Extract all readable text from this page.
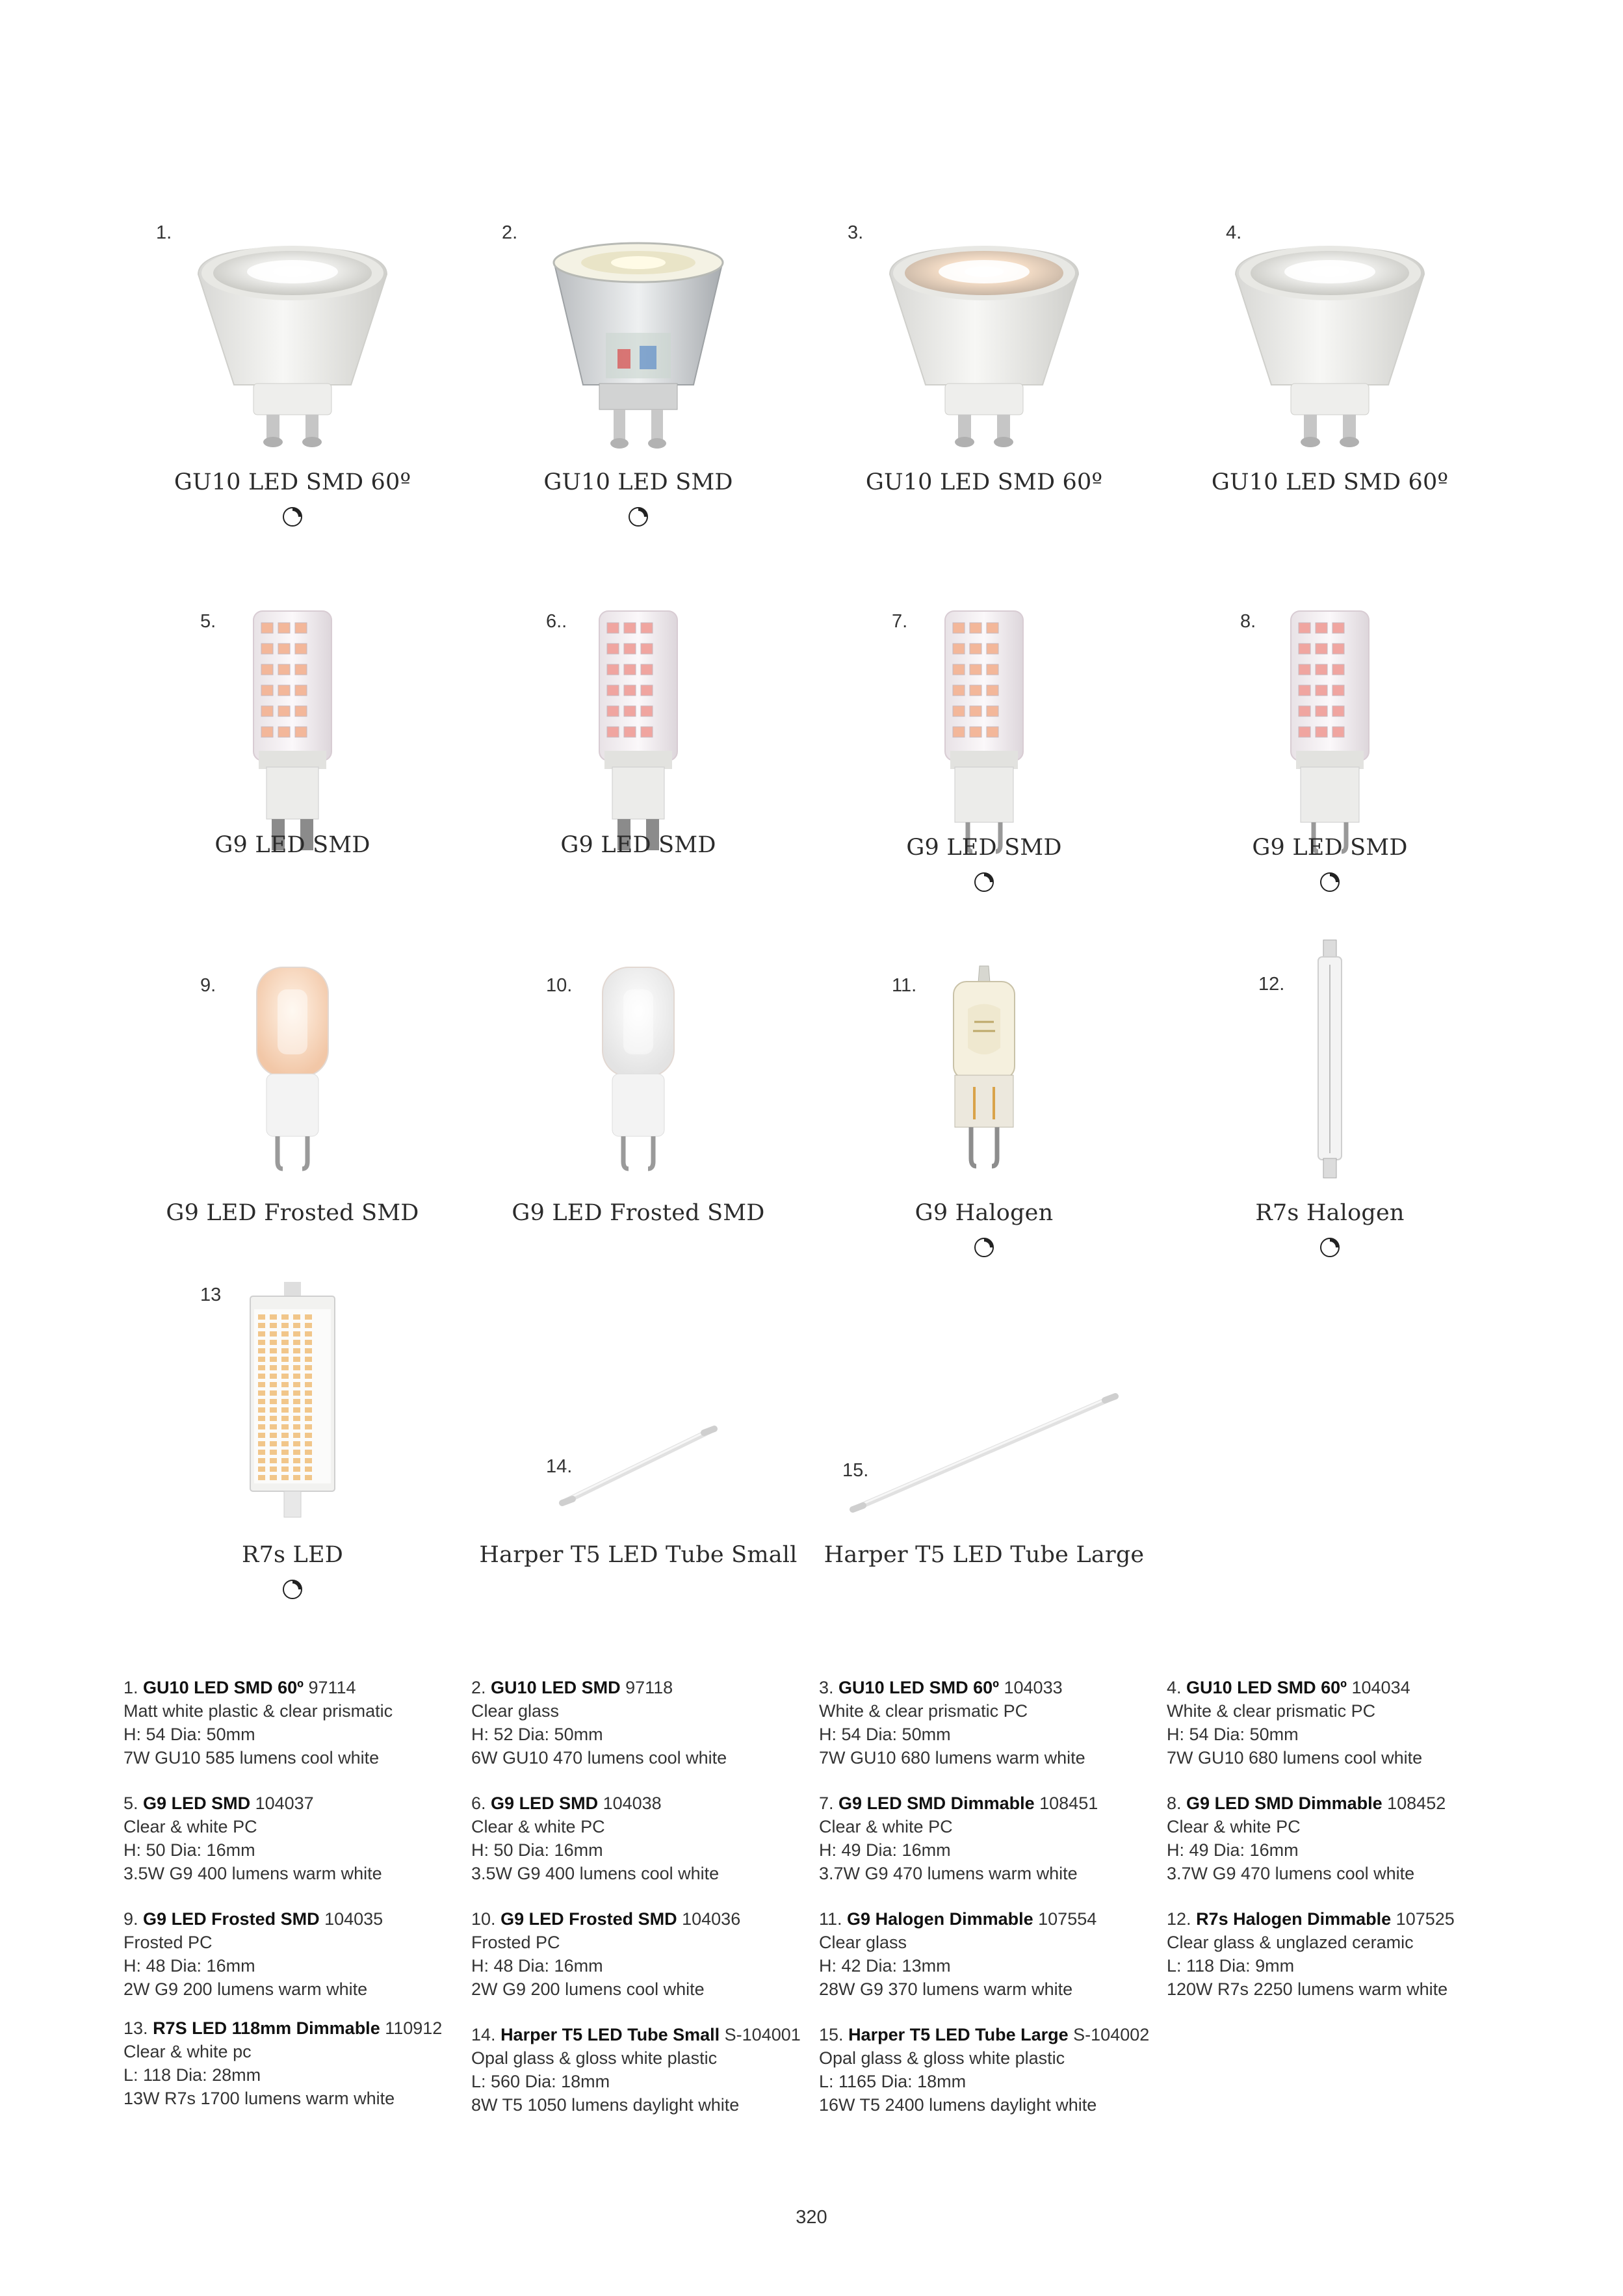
1.
GU10 LED SMD 60º
2.
GU10 LED SMD
3.
GU10 LED SMD 60º
4.
GU10 LED SMD 60º
5.
G9 LED SMD
6..
G9 LED SMD
7.
G9 LED SMD
8.
G9 LED SMD
9.
G9 LED Frosted SMD
10.
G9 LED Frosted SMD
11.
G9 Halogen
12.
R7s Halogen
13
R7s LED
14.
Harper T5 LED Tube Small
15.
Harper T5 LED Tube Large
1. GU10 LED SMD 60º 97114
Matt white plastic & clear prismatic
H: 54 Dia: 50mm
7W GU10 585 lumens cool white
2. GU10 LED SMD 97118
Clear glass
H: 52 Dia: 50mm
6W GU10 470 lumens cool white
3. GU10 LED SMD 60º 104033
White & clear prismatic PC
H: 54 Dia: 50mm
7W GU10 680 lumens warm white
4. GU10 LED SMD 60º 104034
White & clear prismatic PC
H: 54 Dia: 50mm
7W GU10 680 lumens cool white
5. G9 LED SMD 104037
Clear & white PC
H: 50 Dia: 16mm
3.5W G9 400 lumens warm white
6. G9 LED SMD 104038
Clear & white PC
H: 50 Dia: 16mm
3.5W G9 400 lumens cool white
7. G9 LED SMD Dimmable 108451
Clear & white PC
H: 49 Dia: 16mm
3.7W G9 470 lumens warm white
8. G9 LED SMD Dimmable 108452
Clear & white PC
H: 49 Dia: 16mm
3.7W G9 470 lumens cool white
9. G9 LED Frosted SMD 104035
Frosted PC
H: 48 Dia: 16mm
2W G9 200 lumens warm white
10. G9 LED Frosted SMD 104036
Frosted PC
H: 48 Dia: 16mm
2W G9 200 lumens cool white
11. G9 Halogen Dimmable 107554
Clear glass
H: 42 Dia: 13mm
28W G9 370 lumens warm white
12. R7s Halogen Dimmable 107525
Clear glass & unglazed ceramic
L: 118 Dia: 9mm
120W R7s 2250 lumens warm white
13. R7S LED 118mm Dimmable 110912
Clear & white pc
L: 118 Dia: 28mm
13W R7s 1700 lumens warm white
14. Harper T5 LED Tube Small S-104001
Opal glass & gloss white plastic
L: 560 Dia: 18mm
8W T5 1050 lumens daylight white
15. Harper T5 LED Tube Large S-104002
Opal glass & gloss white plastic
L: 1165 Dia: 18mm
16W T5 2400 lumens daylight white
320
